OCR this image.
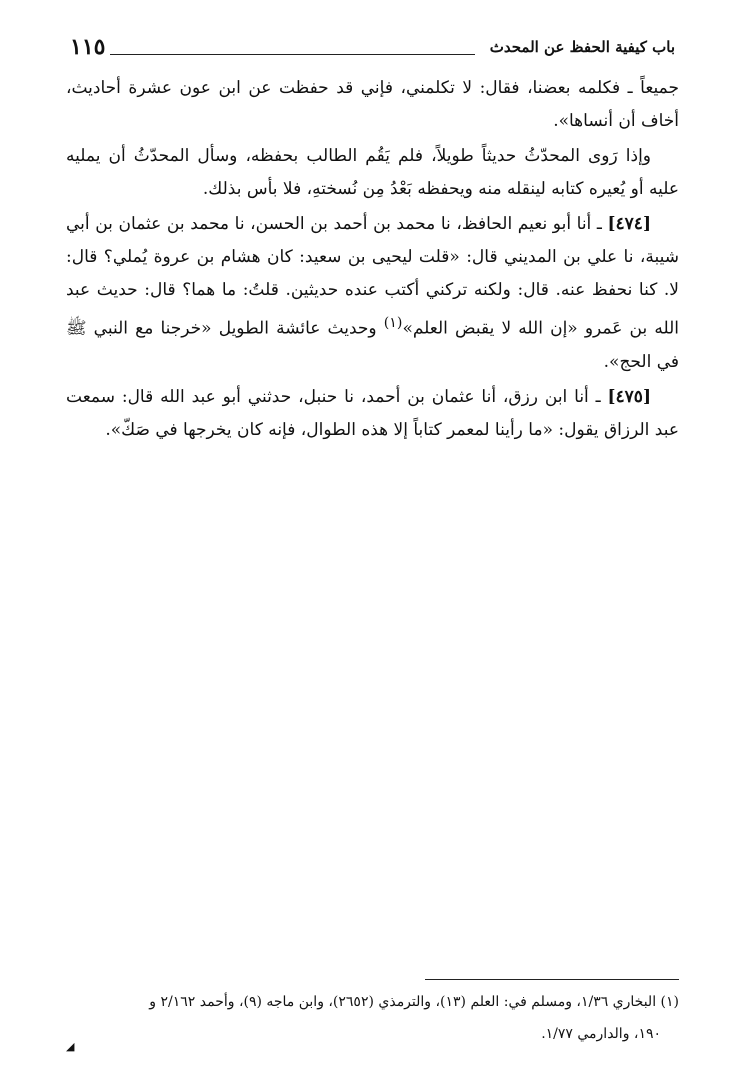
١١٥	باب كيفية الحفظ عن المحدث

جميعاً ـ فكلمه بعضنا، فقال: لا تكلمني، فإني قد حفظت عن ابن عون عشرة أحاديث، أخاف أن أنساها».

وإذا رَوى المحدّثُ حديثاً طويلاً، فلم يَقُم الطالب بحفظه، وسأل المحدّثُ أن يمليه عليه أو يُعيره كتابه لينقله منه ويحفظه بَعْدُ مِن نُسختهِ، فلا بأس بذلك.

[٤٧٤] ـ أنا أبو نعيم الحافظ، نا محمد بن أحمد بن الحسن، نا محمد بن عثمان بن أبي شيبة، نا علي بن المديني قال: «قلت ليحيى بن سعيد: كان هشام بن عروة يُملي؟ قال: لا. كنا نحفظ عنه. قال: ولكنه تركني أكتب عنده حديثين. قلتُ: ما هما؟ قال: حديث عبد الله بن عَمرو «إن الله لا يقبض العلم»$^{(١)}$ وحديث عائشة الطويل «خرجنا مع النبي ﷺ في الحج».

[٤٧٥] ـ أنا ابن رزق، أنا عثمان بن أحمد، نا حنبل، حدثني أبو عبد الله قال: سمعت عبد الرزاق يقول: «ما رأينا لمعمر كتاباً إلا هذه الطوال، فإنه كان يخرجها في صَكّ».

(١) البخاري ١/٣٦، ومسلم في: العلم (١٣)، والترمذي (٢٦٥٢)، وابن ماجه (٩)، وأحمد ٢/١٦٢ و

١٩٠، والدارمي ١/٧٧.

◢
